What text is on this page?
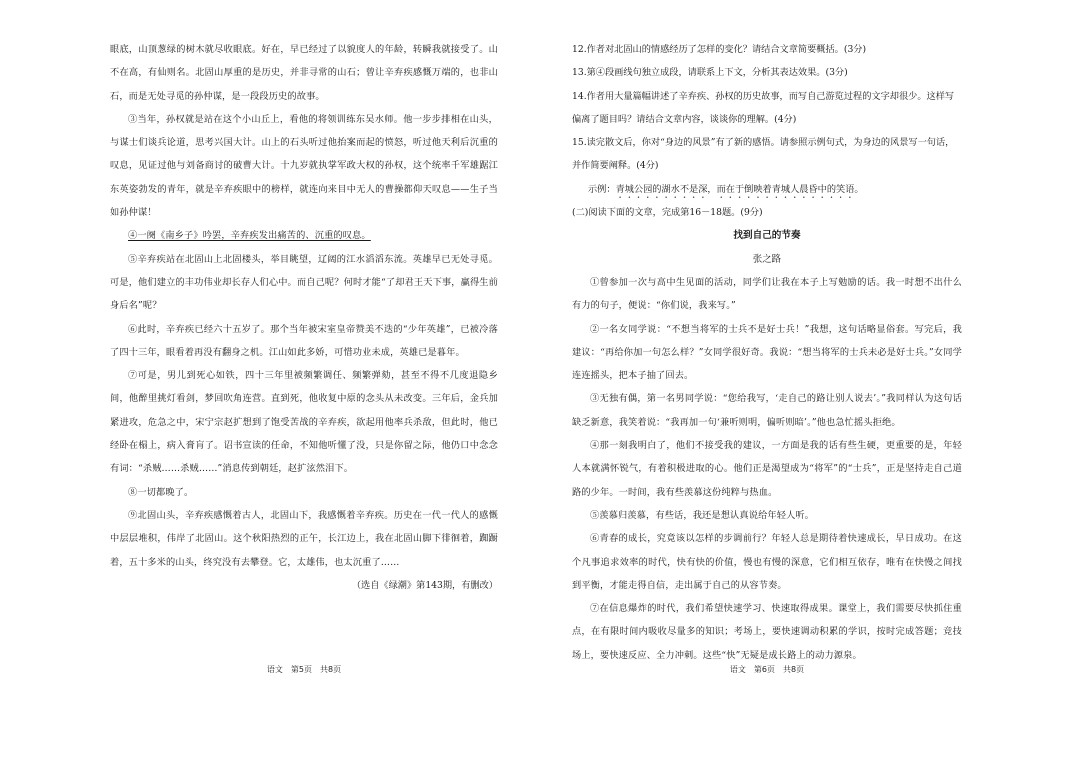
眼底，山顶葱绿的树木就尽收眼底。好在，早已经过了以貌度人的年龄，转瞬我就接受了。山不在高，有仙则名。北固山厚重的是历史，并非寻常的山石；曾让辛弃疾感慨万端的，也非山石，而是无处寻觅的孙仲谋，是一段段历史的故事。

③当年，孙权就是站在这个小山丘上，看他的将领训练东吴水师。他一步步排相在山头，与谋士们谈兵论道，思考兴国大计。山上的石头听过他抬案而起的愤怒，听过他天利后沉重的叹息，见证过他与刘备商讨的破曹大计。十九岁就执掌军政大权的孙权，这个统率千军雄踞江东英姿勃发的青年，就是辛弃疾眼中的榜样，就连向来目中无人的曹操都仰天叹息——生子当如孙仲谋！

④一阕《南乡子》吟罢，辛弃疾发出痛苦的、沉重的叹息。

⑤辛弃疾站在北固山上北固楼头，举目眺望，辽阔的江水滔滔东流。英雄早已无处寻觅。可是，他们建立的丰功伟业却长存人们心中。而自己呢？何时才能“了却君王天下事，赢得生前身后名”呢？

⑥此时，辛弃疾已经六十五岁了。那个当年被宋室皇帝赞美不迭的“少年英雄”，已被冷落了四十三年，眼看着再没有翻身之机。江山如此多娇，可惜功业未成，英雄已是暮年。

⑦可是，男儿到死心如铁，四十三年里被频繁调任、频繁弹劾，甚至不得不几度退隐乡间，他醉里挑灯看剑，梦回吹角连营。直到死，他收复中原的念头从未改变。三年后，金兵加紧进攻，危急之中，宋宁宗赵扩想到了饱受苦战的辛弃疾，欲起用他率兵杀敌，但此时，他已经卧在榻上，病入膏肓了。诏书宣读的任命，不知他听懂了没，只是你留之际，他仍口中念念有词：“杀贼……杀贼……”消息传到朝廷，赵扩泫然泪下。

⑧一切都晚了。

⑨北固山头，辛弃疾感慨着古人，北固山下，我感慨着辛弃疾。历史在一代一代人的感慨中层层堆积，伟岸了北固山。这个秋阳热烈的正午，长江边上，我在北固山脚下徘徊着，踟蹰着，五十多米的山头，终究没有去攀登。它，太雄伟，也太沉重了……

（选自《绿潮》第143期，有删改）

语文　第5页　共8页

12.作者对北固山的情感经历了怎样的变化？请结合文章简要概括。(3分)

13.第④段画线句独立成段，请联系上下文，分析其表达效果。(3分)

14.作者用大量篇幅讲述了辛弃疾、孙权的历史故事，而写自己游览过程的文字却很少。这样写偏离了题目吗？请结合文章内容，谈谈你的理解。(4分)

15.读完散文后，你对“身边的风景”有了新的感悟。请参照示例句式，为身边的风景写一句话，并作简要阐释。(4分)

示例：青城公园的湖水不是深，而在于倒映着青城人晨昏中的笑语。

(二)阅读下面的文章，完成第16－18题。(9分)

找到自己的节奏

张之路

①曾参加一次与高中生见面的活动，同学们让我在本子上写勉励的话。我一时想不出什么有力的句子，便说：“你们说，我来写。”

②一名女同学说：“不想当将军的士兵不是好士兵！”我想，这句话略显俗套。写完后，我建议：“再给你加一句怎么样？”女同学很好奇。我说：“想当将军的士兵未必是好士兵。”女同学连连摇头，把本子抽了回去。

③无独有偶，第一名男同学说：“您给我写，‘走自己的路让别人说去’。”我同样认为这句话缺乏新意，我笑着说：“我再加一句‘兼听则明，偏听则暗’。”他也急忙摇头拒绝。

④那一刻我明白了，他们不接受我的建议，一方面是我的话有些生硬，更重要的是，年轻人本就满怀锐气，有着积极进取的心。他们正是渴望成为“将军”的“士兵”，正是坚持走自己道路的少年。一时间，我有些羡慕这份纯粹与热血。

⑤羡慕归羡慕，有些话，我还是想认真说给年轻人听。

⑥青春的成长，究竟该以怎样的步调前行？年轻人总是期待着快速成长，早日成功。在这个凡事追求效率的时代，快有快的价值，慢也有慢的深意，它们相互依存，唯有在快慢之间找到平衡，才能走得自信，走出属于自己的从容节奏。

⑦在信息爆炸的时代，我们希望快速学习、快速取得成果。课堂上，我们需要尽快抓住重点，在有限时间内吸收尽量多的知识；考场上，要快速调动积累的学识，按时完成答题；竞技场上，要快速反应、全力冲刺。这些“快”无疑是成长路上的动力源泉。

语文　第6页　共8页
